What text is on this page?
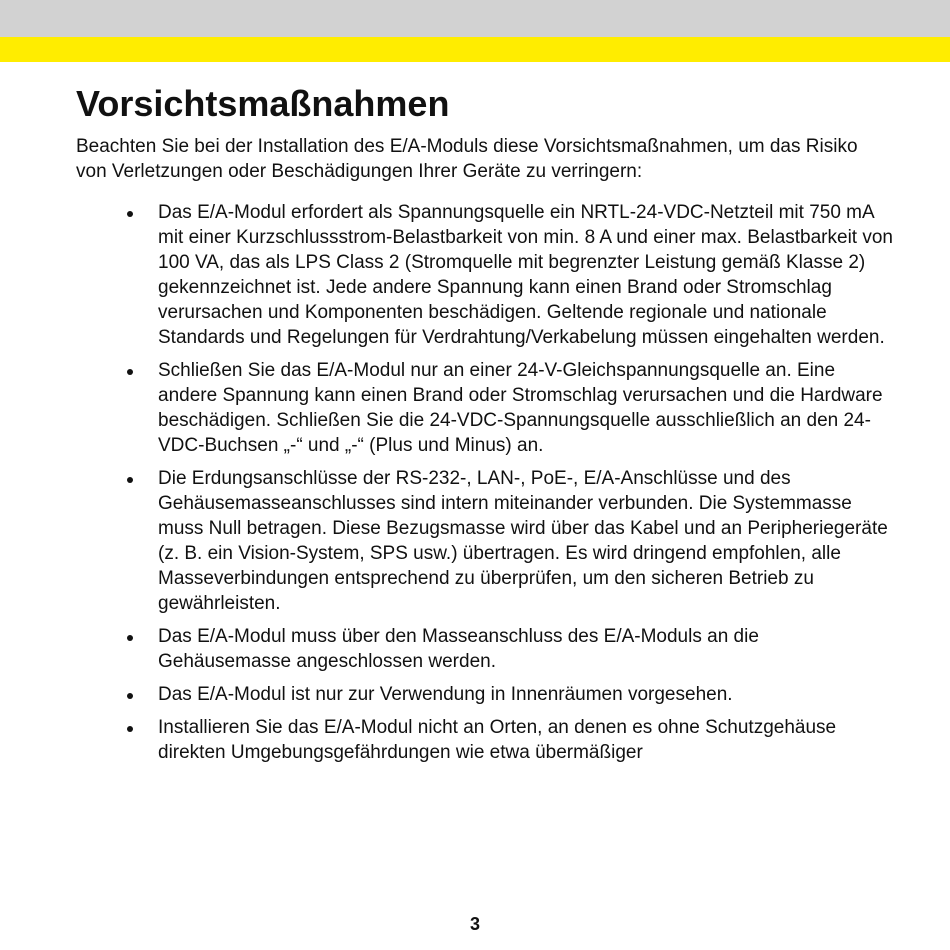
Vorsichtsmaßnahmen

Beachten Sie bei der Installation des E/A-Moduls diese Vorsichtsmaßnahmen, um das Risiko von Verletzungen oder Beschädigungen Ihrer Geräte zu verringern:

Das E/A-Modul erfordert als Spannungsquelle ein NRTL-24-VDC-Netzteil mit 750 mA mit einer Kurzschlussstrom-Belastbarkeit von min. 8 A und einer max. Belastbarkeit von 100 VA, das als LPS Class 2 (Stromquelle mit begrenzter Leistung gemäß Klasse 2) gekennzeichnet ist. Jede andere Spannung kann einen Brand oder Stromschlag verursachen und Komponenten beschädigen. Geltende regionale und nationale Standards und Regelungen für Verdrahtung/Verkabelung müssen eingehalten werden.
Schließen Sie das E/A-Modul nur an einer 24-V-Gleichspannungsquelle an. Eine andere Spannung kann einen Brand oder Stromschlag verursachen und die Hardware beschädigen. Schließen Sie die 24-VDC-Spannungsquelle ausschließlich an den 24-VDC-Buchsen „-“ und „-“ (Plus und Minus) an.
Die Erdungsanschlüsse der RS-232-, LAN-, PoE-, E/A-Anschlüsse und des Gehäusemasseanschlusses sind intern miteinander verbunden. Die Systemmasse muss Null betragen. Diese Bezugsmasse wird über das Kabel und an Peripheriegeräte (z. B. ein Vision-System, SPS usw.) übertragen. Es wird dringend empfohlen, alle Masseverbindungen entsprechend zu überprüfen, um den sicheren Betrieb zu gewährleisten.
Das E/A-Modul muss über den Masseanschluss des E/A-Moduls an die Gehäusemasse angeschlossen werden.
Das E/A-Modul ist nur zur Verwendung in Innenräumen vorgesehen.
Installieren Sie das E/A-Modul nicht an Orten, an denen es ohne Schutzgehäuse direkten Umgebungsgefährdungen wie etwa übermäßiger
3
